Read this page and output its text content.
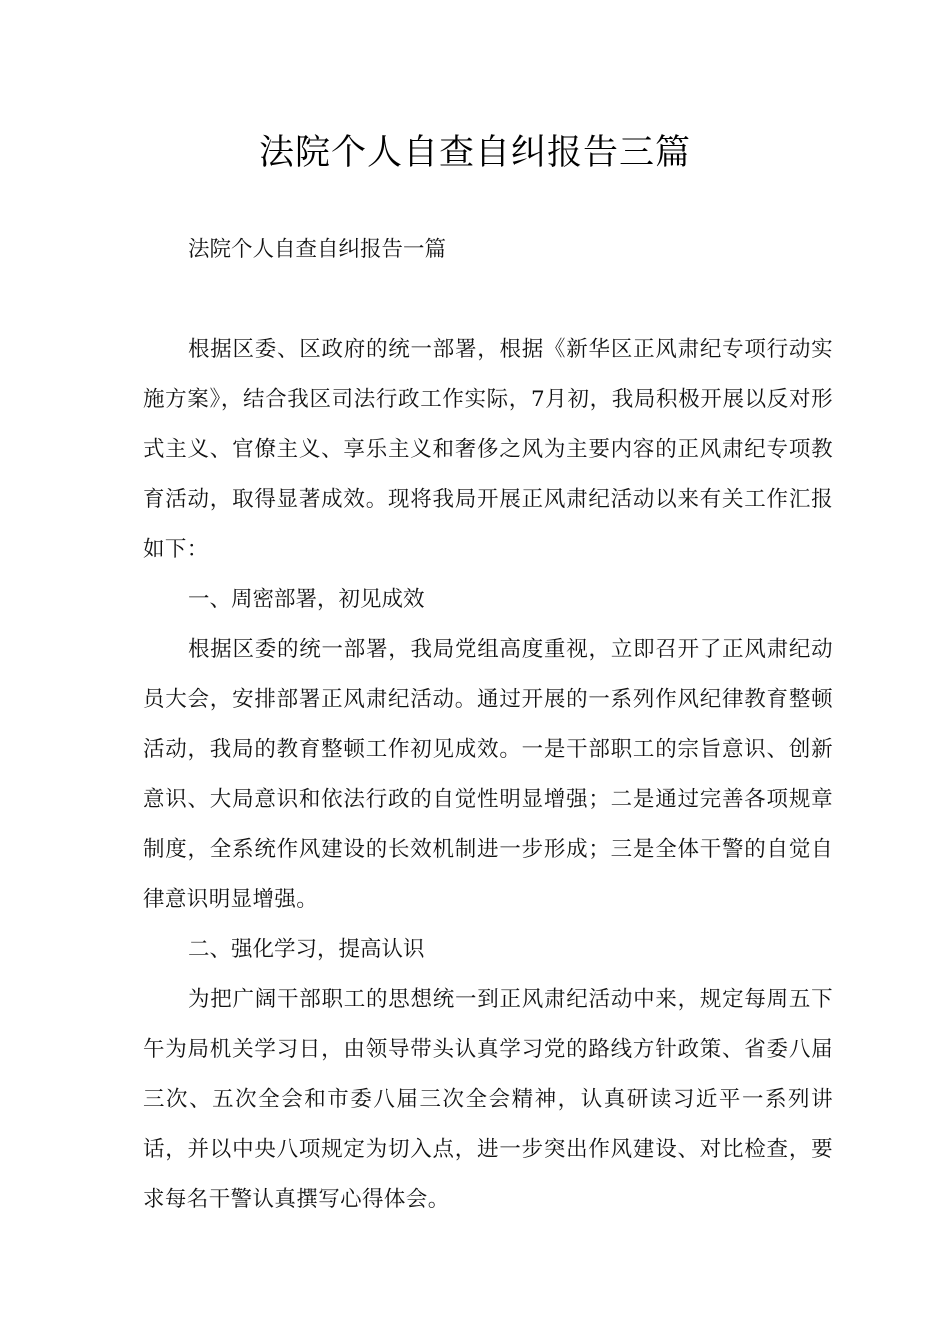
法院个人自查自纠报告三篇

法院个人自查自纠报告一篇

根据区委、区政府的统一部署，根据《新华区正风肃纪专项行动实施方案》，结合我区司法行政工作实际，7月初，我局积极开展以反对形式主义、官僚主义、享乐主义和奢侈之风为主要内容的正风肃纪专项教育活动，取得显著成效。现将我局开展正风肃纪活动以来有关工作汇报如下：

一、周密部署，初见成效

根据区委的统一部署，我局党组高度重视，立即召开了正风肃纪动员大会，安排部署正风肃纪活动。通过开展的一系列作风纪律教育整顿活动，我局的教育整顿工作初见成效。一是干部职工的宗旨意识、创新意识、大局意识和依法行政的自觉性明显增强；二是通过完善各项规章制度，全系统作风建设的长效机制进一步形成；三是全体干警的自觉自律意识明显增强。

二、强化学习，提高认识

为把广阔干部职工的思想统一到正风肃纪活动中来，规定每周五下午为局机关学习日，由领导带头认真学习党的路线方针政策、省委八届三次、五次全会和市委八届三次全会精神，认真研读习近平一系列讲话，并以中央八项规定为切入点，进一步突出作风建设、对比检查，要求每名干警认真撰写心得体会。
